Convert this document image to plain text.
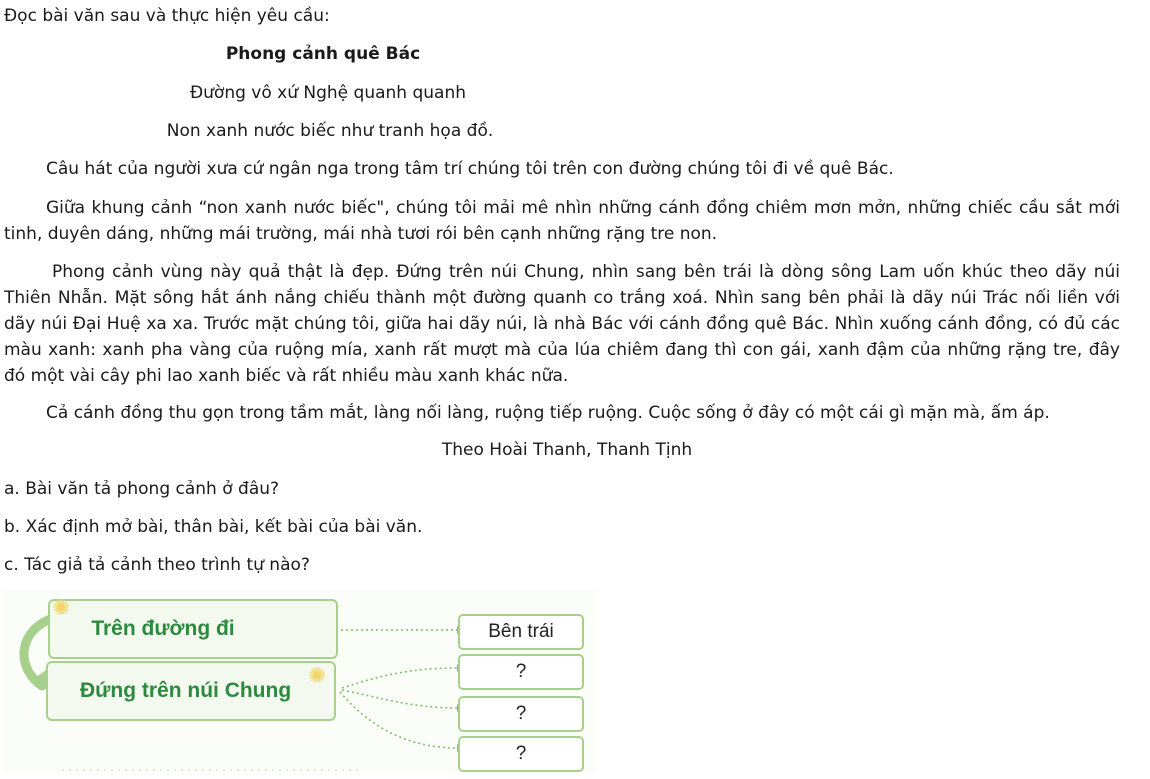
Đọc bài văn sau và thực hiện yêu cầu:
Phong cảnh quê Bác
Đường vô xứ Nghệ quanh quanh
Non xanh nước biếc như tranh họa đồ.
Câu hát của người xưa cứ ngân nga trong tâm trí chúng tôi trên con đường chúng tôi đi về quê Bác.
Giữa khung cảnh “non xanh nước biếc", chúng tôi mải mê nhìn những cánh đồng chiêm mơn mởn, những chiếc cầu sắt mới tinh, duyên dáng, những mái trường, mái nhà tươi rói bên cạnh những rặng tre non.
Phong cảnh vùng này quả thật là đẹp. Đứng trên núi Chung, nhìn sang bên trái là dòng sông Lam uốn khúc theo dãy núi Thiên Nhẫn. Mặt sông hắt ánh nắng chiếu thành một đường quanh co trắng xoá. Nhìn sang bên phải là dãy núi Trác nối liền với dãy núi Đại Huệ xa xa. Trước mặt chúng tôi, giữa hai dãy núi, là nhà Bác với cánh đồng quê Bác. Nhìn xuống cánh đồng, có đủ các màu xanh: xanh pha vàng của ruộng mía, xanh rất mượt mà của lúa chiêm đang thì con gái, xanh đậm của những rặng tre, đây đó một vài cây phi lao xanh biếc và rất nhiều màu xanh khác nữa.
Cả cánh đồng thu gọn trong tầm mắt, làng nối làng, ruộng tiếp ruộng. Cuộc sống ở đây có một cái gì mặn mà, ấm áp.
Theo Hoài Thanh, Thanh Tịnh
a. Bài văn tả phong cảnh ở đâu?
b. Xác định mở bài, thân bài, kết bài của bài văn.
c. Tác giả tả cảnh theo trình tự nào?
Trên đường đi
✺
Đứng trên núi Chung
✺
Bên trái
?
?
?
